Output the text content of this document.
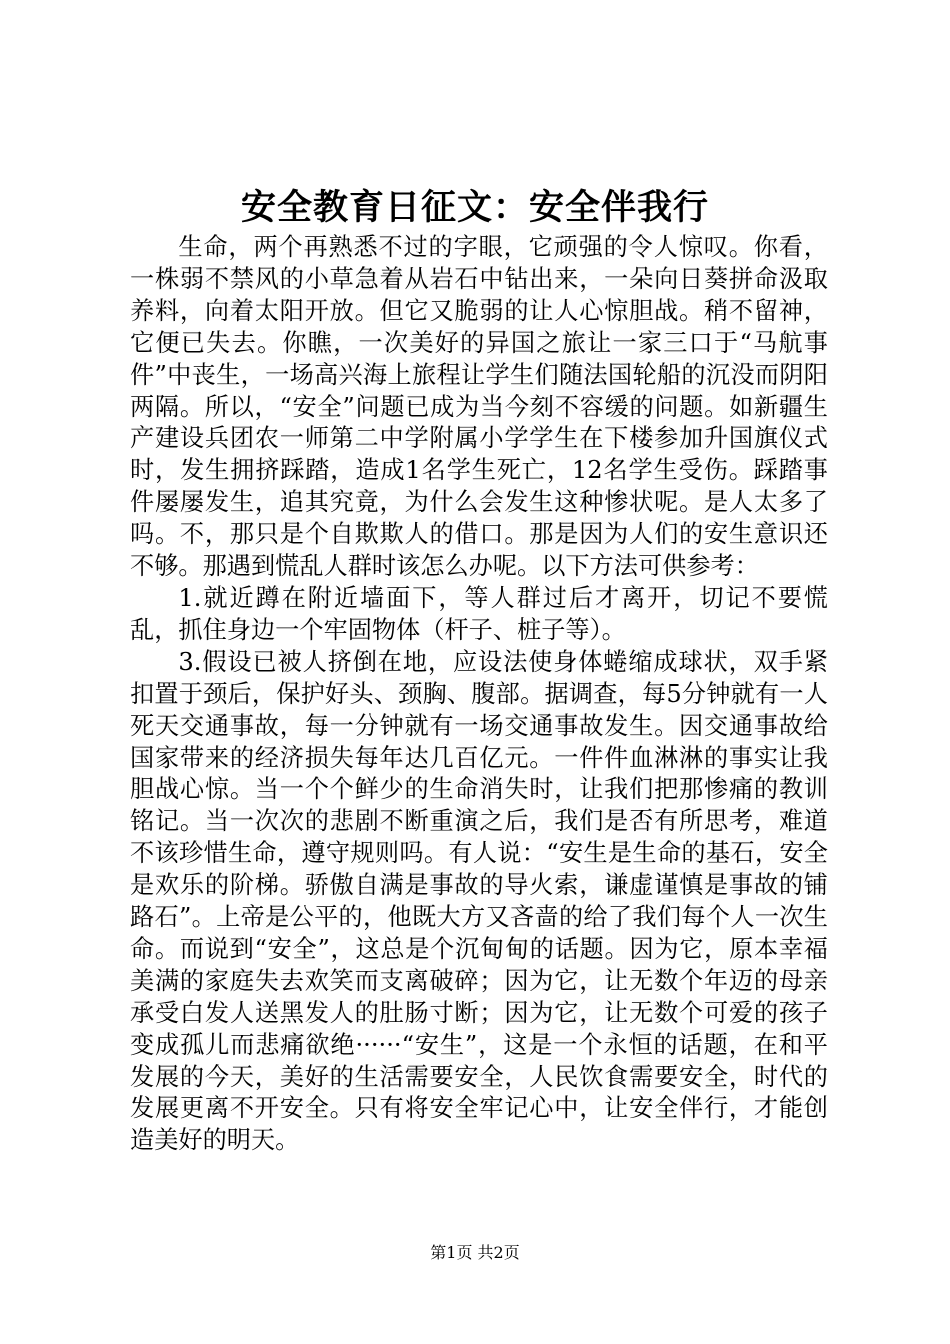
安全教育日征文：安全伴我行

生命，两个再熟悉不过的字眼，它顽强的令人惊叹。你看，一株弱不禁风的小草急着从岩石中钻出来，一朵向日葵拼命汲取养料，向着太阳开放。但它又脆弱的让人心惊胆战。稍不留神，它便已失去。你瞧，一次美好的异国之旅让一家三口于“马航事件”中丧生，一场高兴海上旅程让学生们随法国轮船的沉没而阴阳两隔。所以，“安全”问题已成为当今刻不容缓的问题。如新疆生产建设兵团农一师第二中学附属小学学生在下楼参加升国旗仪式时，发生拥挤踩踏，造成1名学生死亡，12名学生受伤。踩踏事件屡屡发生，追其究竟，为什么会发生这种惨状呢。是人太多了吗。不，那只是个自欺欺人的借口。那是因为人们的安生意识还不够。那遇到慌乱人群时该怎么办呢。以下方法可供参考：

1.就近蹲在附近墙面下，等人群过后才离开，切记不要慌乱，抓住身边一个牢固物体（杆子、桩子等）。

3.假设已被人挤倒在地，应设法使身体蜷缩成球状，双手紧扣置于颈后，保护好头、颈胸、腹部。据调查，每5分钟就有一人死天交通事故，每一分钟就有一场交通事故发生。因交通事故给国家带来的经济损失每年达几百亿元。一件件血淋淋的事实让我胆战心惊。当一个个鲜少的生命消失时，让我们把那惨痛的教训铭记。当一次次的悲剧不断重演之后，我们是否有所思考，难道不该珍惜生命，遵守规则吗。有人说：“安生是生命的基石，安全是欢乐的阶梯。骄傲自满是事故的导火索，谦虚谨慎是事故的铺路石”。上帝是公平的，他既大方又吝啬的给了我们每个人一次生命。而说到“安全”，这总是个沉甸甸的话题。因为它，原本幸福美满的家庭失去欢笑而支离破碎；因为它，让无数个年迈的母亲承受白发人送黑发人的肚肠寸断；因为它，让无数个可爱的孩子变成孤儿而悲痛欲绝······“安生”，这是一个永恒的话题，在和平发展的今天，美好的生活需要安全，人民饮食需要安全，时代的发展更离不开安全。只有将安全牢记心中，让安全伴行，才能创造美好的明天。

第1页 共2页
